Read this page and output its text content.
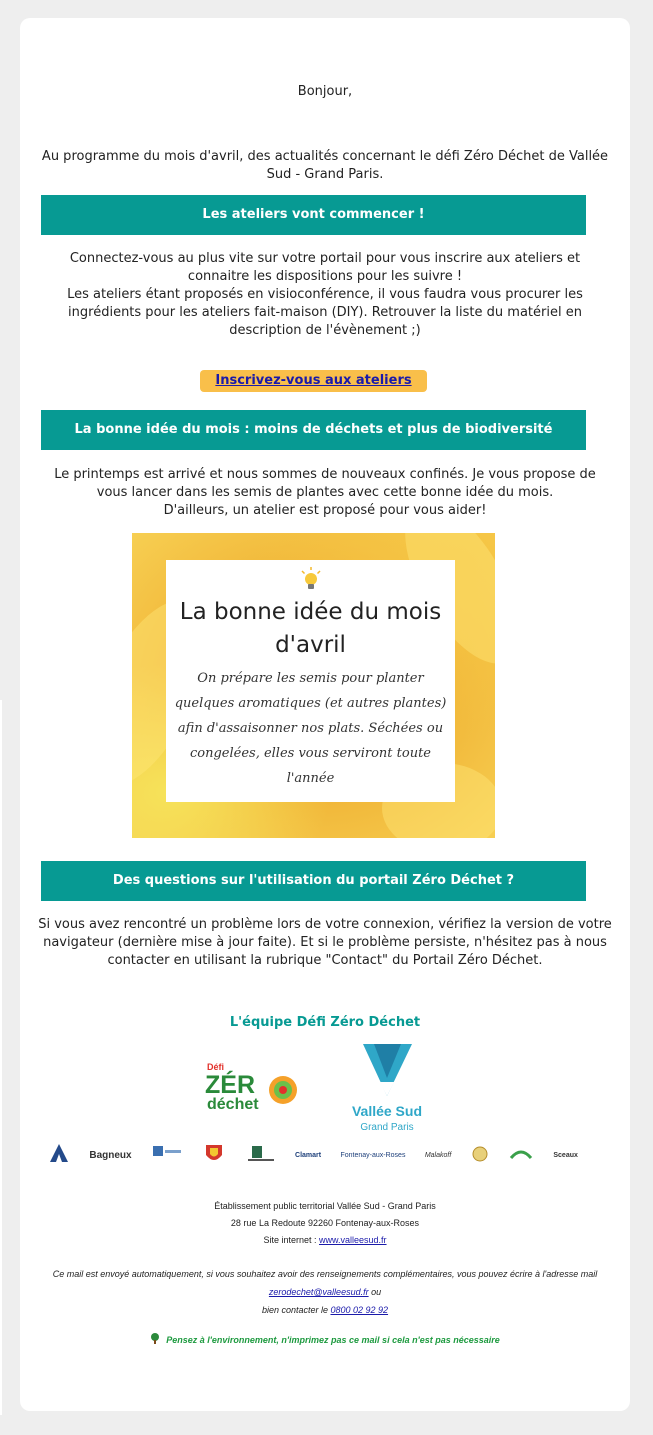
Bonjour,
Au programme du mois d'avril, des actualités concernant le défi Zéro Déchet de Vallée Sud - Grand Paris.
Les ateliers vont commencer !
Connectez-vous au plus vite sur votre portail pour vous inscrire aux ateliers et connaitre les dispositions pour les suivre !
Les ateliers étant proposés en visioconférence, il vous faudra vous procurer les ingrédients pour les ateliers fait-maison (DIY). Retrouver la liste du matériel en description de l'évènement ;)
Inscrivez-vous aux ateliers
La bonne idée du mois : moins de déchets et plus de biodiversité
Le printemps est arrivé et nous sommes de nouveaux confinés. Je vous propose de vous lancer dans les semis de plantes avec cette bonne idée du mois.
D'ailleurs, un atelier est proposé pour vous aider!
La bonne idée du mois
d'avril
On prépare les semis pour planter
quelques aromatiques (et autres plantes)
afin d'assaisonner nos plats. Séchées ou
congelées, elles vous serviront toute l'année
Des questions sur l'utilisation du portail Zéro Déchet ?
Si vous avez rencontré un problème lors de votre connexion, vérifiez la version de votre navigateur (dernière mise à jour faite). Et si le problème persiste, n'hésitez pas à nous contacter en utilisant la rubrique "Contact" du Portail Zéro Déchet.
L'équipe Défi Zéro Déchet
Défi
ZÉR
déchet	Vallée Sud
Grand Paris
Bagneux	Clamart	Fontenay-aux-Roses	Malakoff	Sceaux
Établissement public territorial Vallée Sud - Grand Paris
28 rue La Redoute 92260 Fontenay-aux-Roses
Site internet : www.valleesud.fr
Ce mail est envoyé automatiquement, si vous souhaitez avoir des renseignements complémentaires, vous pouvez écrire à l'adresse mail zerodechet@valleesud.fr ou
bien contacter le 0800 02 92 92
Pensez à l'environnement, n'imprimez pas ce mail si cela n'est pas nécessaire
